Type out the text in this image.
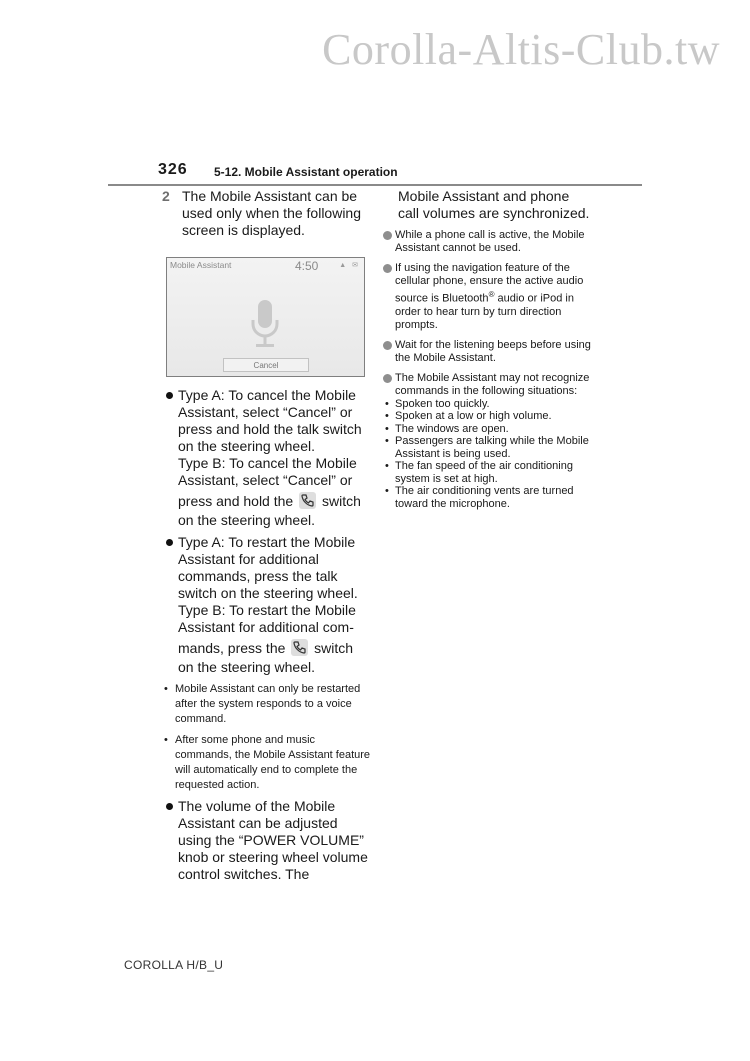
Corolla-Altis-Club.tw
326 5-12. Mobile Assistant operation
2 The Mobile Assistant can be used only when the following screen is displayed.
Mobile Assistant	4:50	▲ ✉
Cancel
Type A: To cancel the Mobile Assistant, select “Cancel” or press and hold the talk switch on the steering wheel.
Type B: To cancel the Mobile Assistant, select “Cancel” or
press and hold the switch
on the steering wheel.
Type A: To restart the Mobile Assistant for additional commands, press the talk switch on the steering wheel.
Type B: To restart the Mobile Assistant for additional com-
mands, press the switch
on the steering wheel.
• Mobile Assistant can only be restarted after the system responds to a voice command.
• After some phone and music commands, the Mobile Assistant feature will automatically end to complete the requested action.
The volume of the Mobile Assistant can be adjusted using the “POWER VOLUME” knob or steering wheel volume control switches. The
Mobile Assistant and phone call volumes are synchronized.
While a phone call is active, the Mobile Assistant cannot be used.
If using the navigation feature of the cellular phone, ensure the active audio source is Bluetooth® audio or iPod in order to hear turn by turn direction prompts.
Wait for the listening beeps before using the Mobile Assistant.
The Mobile Assistant may not recognize commands in the following situations:
• Spoken too quickly.
• Spoken at a low or high volume.
• The windows are open.
• Passengers are talking while the Mobile Assistant is being used.
• The fan speed of the air conditioning system is set at high.
• The air conditioning vents are turned toward the microphone.
COROLLA H/B_U
